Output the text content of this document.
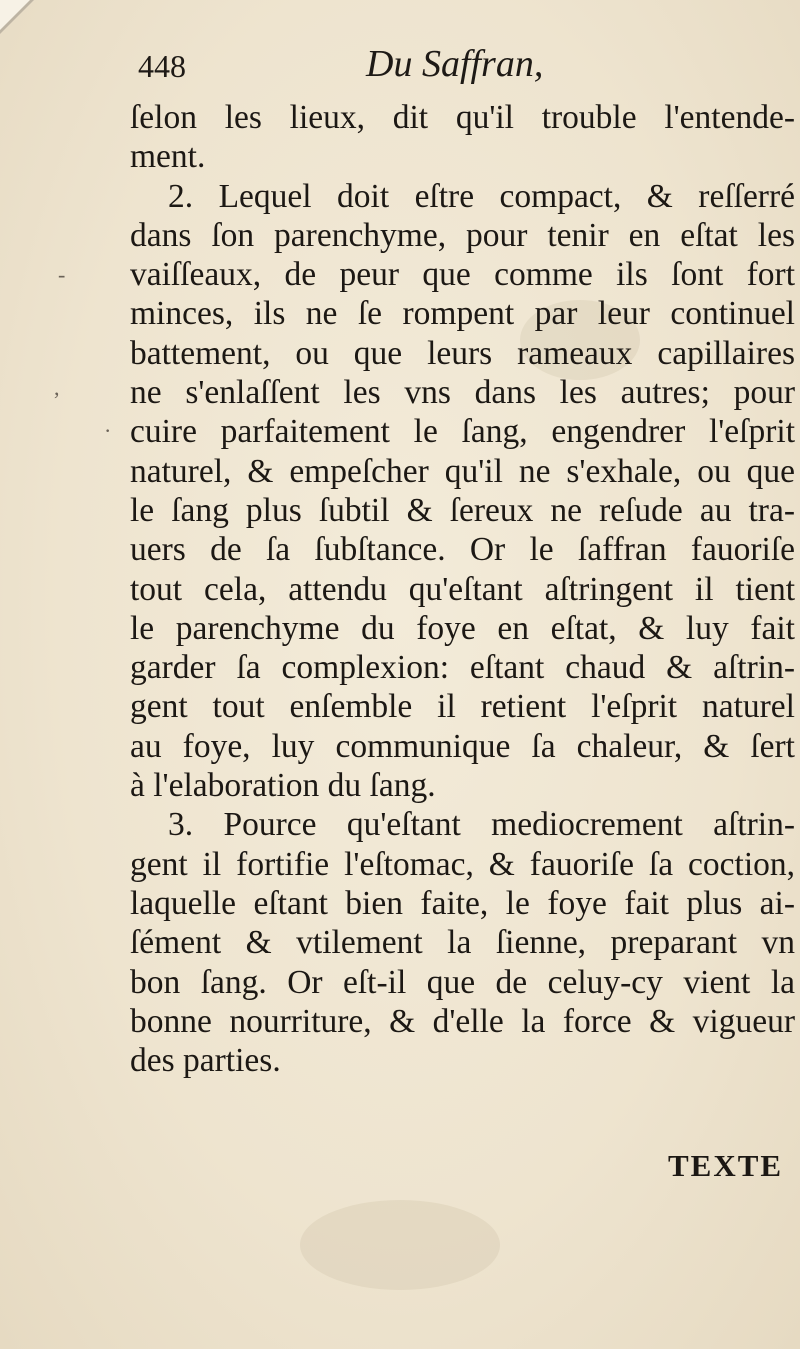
448	Du Saffran,
-
,
·
ſelon les lieux, dit qu'il trouble l'entende-
ment.
2. Lequel doit eſtre compact, & reſſerré
dans ſon parenchyme, pour tenir en eſtat les
vaiſſeaux, de peur que comme ils ſont fort
minces, ils ne ſe rompent par leur continuel
battement, ou que leurs rameaux capillaires
ne s'enlaſſent les vns dans les autres; pour
cuire parfaitement le ſang, engendrer l'eſprit
naturel, & empeſcher qu'il ne s'exhale, ou que
le ſang plus ſubtil & ſereux ne reſude au tra-
uers de ſa ſubſtance. Or le ſaffran fauoriſe
tout cela, attendu qu'eſtant aſtringent il tient
le parenchyme du foye en eſtat, & luy fait
garder ſa complexion: eſtant chaud & aſtrin-
gent tout enſemble il retient l'eſprit naturel
au foye, luy communique ſa chaleur, & ſert
à l'elaboration du ſang.
3. Pource qu'eſtant mediocrement aſtrin-
gent il fortifie l'eſtomac, & fauoriſe ſa coction,
laquelle eſtant bien faite, le foye fait plus ai-
ſément & vtilement la ſienne, preparant vn
bon ſang. Or eſt-il que de celuy-cy vient la
bonne nourriture, & d'elle la force & vigueur
des parties.
TEXTE
